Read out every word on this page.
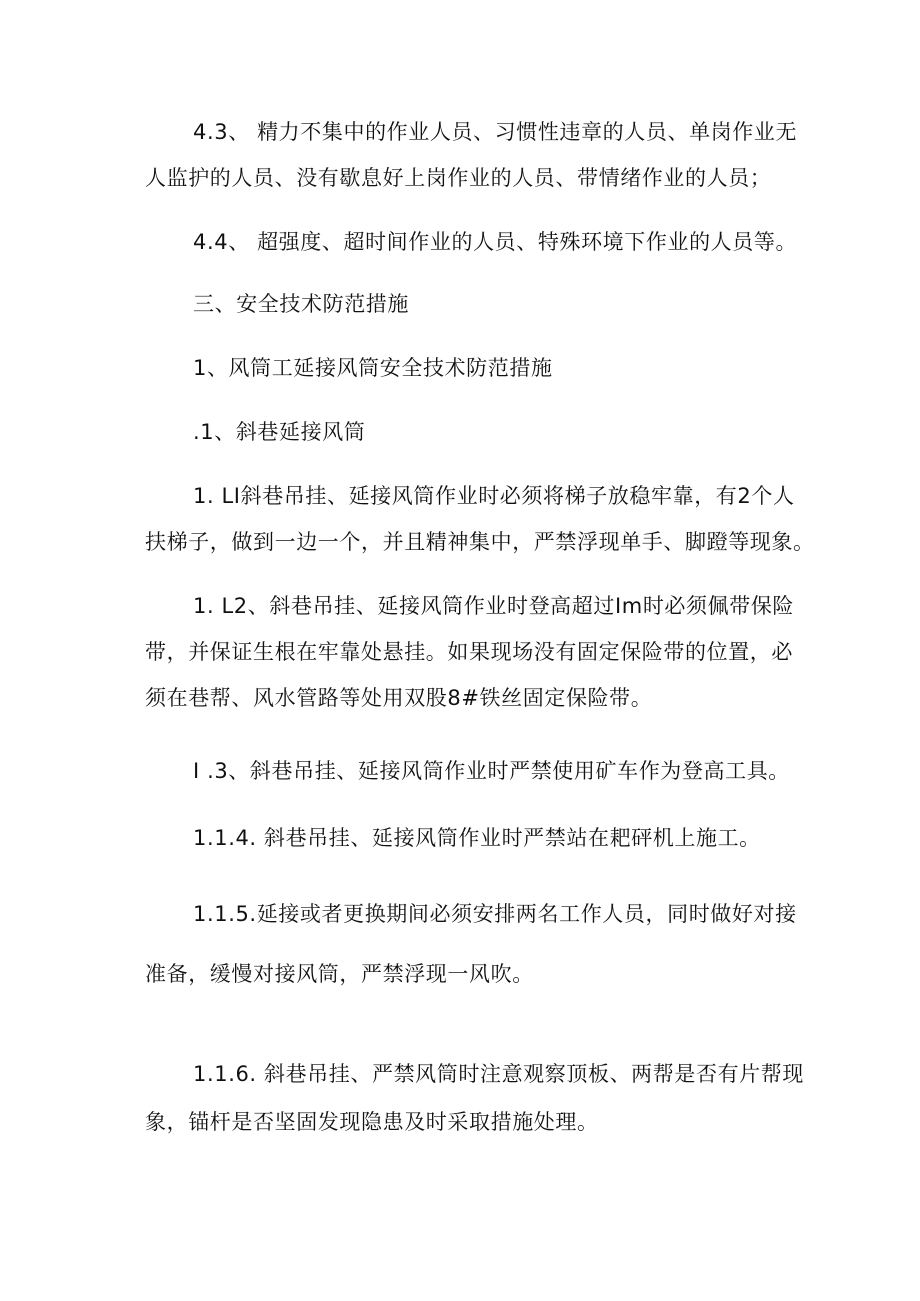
4.3、 精力不集中的作业人员、习惯性违章的人员、单岗作业无
人监护的人员、没有歇息好上岗作业的人员、带情绪作业的人员；
4.4、 超强度、超时间作业的人员、特殊环境下作业的人员等。
三、安全技术防范措施
1、风筒工延接风筒安全技术防范措施
.1、斜巷延接风筒
1. LI斜巷吊挂、延接风筒作业时必须将梯子放稳牢靠，有2个人
扶梯子，做到一边一个，并且精神集中，严禁浮现单手、脚蹬等现象。
1. L2、斜巷吊挂、延接风筒作业时登高超过Im时必须佩带保险
带，并保证生根在牢靠处悬挂。如果现场没有固定保险带的位置，必
须在巷帮、风水管路等处用双股8#铁丝固定保险带。
I .3、斜巷吊挂、延接风筒作业时严禁使用矿车作为登高工具。
1.1.4. 斜巷吊挂、延接风筒作业时严禁站在耙砰机上施工。
1.1.5.延接或者更换期间必须安排两名工作人员，同时做好对接
准备，缓慢对接风筒，严禁浮现一风吹。
1.1.6. 斜巷吊挂、严禁风筒时注意观察顶板、两帮是否有片帮现
象，锚杆是否坚固发现隐患及时采取措施处理。
